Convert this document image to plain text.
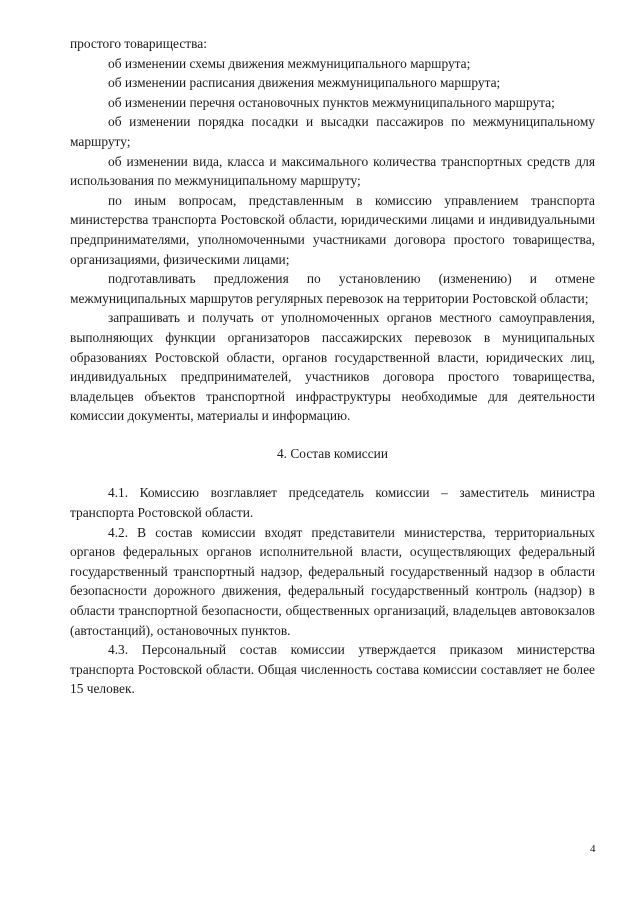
простого товарищества:

об изменении схемы движения межмуниципального маршрута;

об изменении расписания движения межмуниципального маршрута;

об изменении перечня остановочных пунктов межмуниципального маршрута;

об изменении порядка посадки и высадки пассажиров по межмуниципальному маршруту;

об изменении вида, класса и максимального количества транспортных средств для использования по межмуниципальному маршруту;

по иным вопросам, представленным в комиссию управлением транспорта министерства транспорта Ростовской области, юридическими лицами и индивидуальными предпринимателями, уполномоченными участниками договора простого товарищества, организациями, физическими лицами;

подготавливать предложения по установлению (изменению) и отмене межмуниципальных маршрутов регулярных перевозок на территории Ростовской области;

запрашивать и получать от уполномоченных органов местного самоуправления, выполняющих функции организаторов пассажирских перевозок в муниципальных образованиях Ростовской области, органов государственной власти, юридических лиц, индивидуальных предпринимателей, участников договора простого товарищества, владельцев объектов транспортной инфраструктуры необходимые для деятельности комиссии документы, материалы и информацию.

4. Состав комиссии

4.1. Комиссию возглавляет председатель комиссии – заместитель министра транспорта Ростовской области.

4.2. В состав комиссии входят представители министерства, территориальных органов федеральных органов исполнительной власти, осуществляющих федеральный государственный транспортный надзор, федеральный государственный надзор в области безопасности дорожного движения, федеральный государственный контроль (надзор) в области транспортной безопасности, общественных организаций, владельцев автовокзалов (автостанций), остановочных пунктов.

4.3. Персональный состав комиссии утверждается приказом министерства транспорта Ростовской области. Общая численность состава комиссии составляет не более 15 человек.

4
